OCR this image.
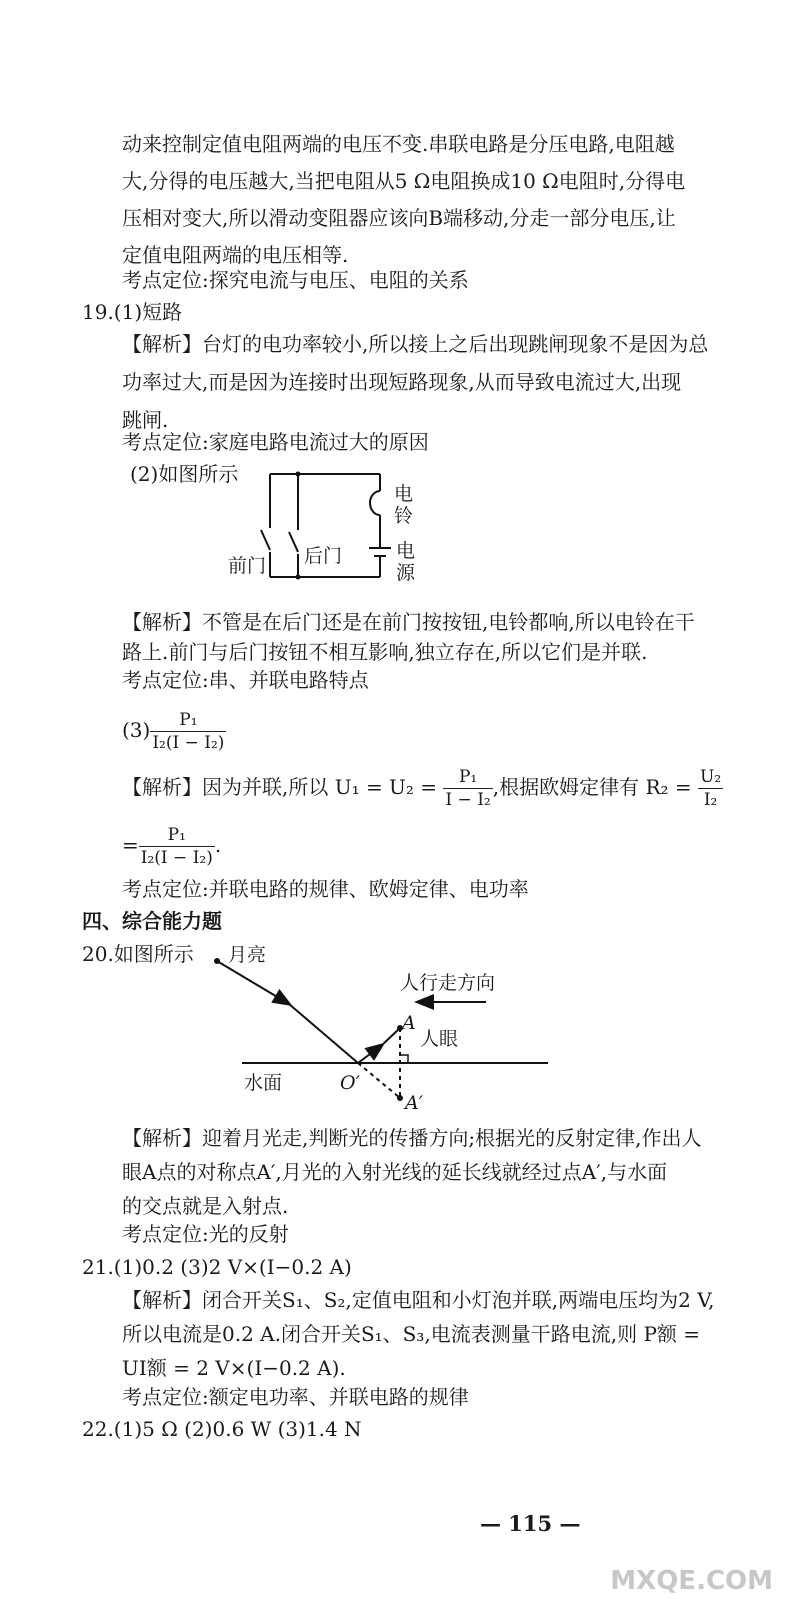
动来控制定值电阻两端的电压不变.串联电路是分压电路,电阻越
大,分得的电压越大,当把电阻从5 Ω电阻换成10 Ω电阻时,分得电
压相对变大,所以滑动变阻器应该向B端移动,分走一部分电压,让
定值电阻两端的电压相等.
考点定位:探究电流与电压、电阻的关系
19.(1)短路
【解析】台灯的电功率较小,所以接上之后出现跳闸现象不是因为总
功率过大,而是因为连接时出现短路现象,从而导致电流过大,出现
跳闸.
考点定位:家庭电路电流过大的原因
(2)如图所示
电
铃
电
源
前门 后门
【解析】不管是在后门还是在前门按按钮,电铃都响,所以电铃在干
路上.前门与后门按钮不相互影响,独立存在,所以它们是并联.
考点定位:串、并联电路特点
$(3) \frac{\text{P₁}}{\text{I₂(I − I₂)}}$
【解析】因为并联,所以 $U_1 = U_2 = \frac{\text{P₁}}{\text{I − I₂}}$ ,根据欧姆定律有 $R_2 = \frac{\text{U₂}}{\text{I₂}}$
= $\frac{\text{P₁}}{\text{I₂(I − I₂)}}$ .
考点定位:并联电路的规律、欧姆定律、电功率
四、综合能力题
20.如图所示 月亮
人行走方向
A
人眼
水面	O′
A′
【解析】迎着月光走,判断光的传播方向;根据光的反射定律,作出人
眼A点的对称点A′,月光的入射光线的延长线就经过点A′,与水面
的交点就是入射点.
考点定位:光的反射
21.(1)0.2 (3)2 V×(I−0.2 A)
【解析】闭合开关S₁、S₂,定值电阻和小灯泡并联,两端电压均为2 V,
所以电流是0.2 A.闭合开关S₁、S₃,电流表测量干路电流,则 P额 =
UI额 = 2 V×(I−0.2 A).
考点定位:额定电功率、并联电路的规律
22.(1)5 Ω (2)0.6 W (3)1.4 N
— 115 —
MXQE.COM
